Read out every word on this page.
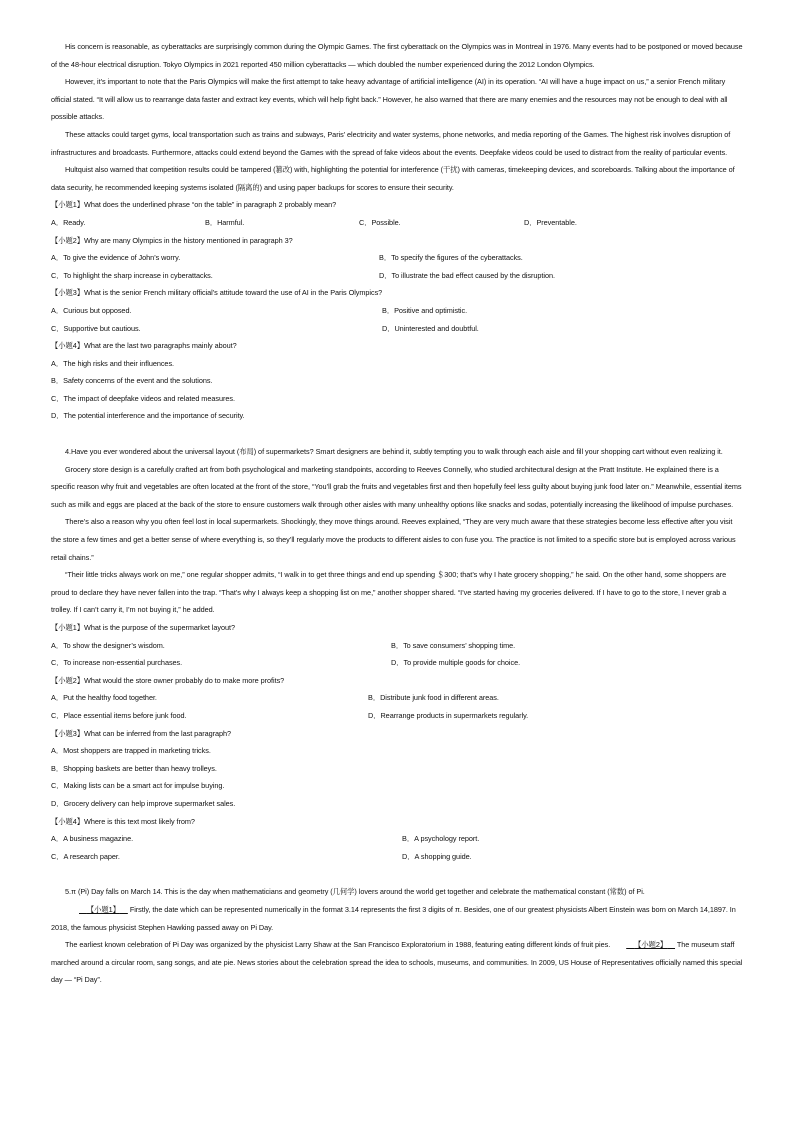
His concern is reasonable, as cyberattacks are surprisingly common during the Olympic Games. The first cyberattack on the Olympics was in Montreal in 1976. Many events had to be postponed or moved because of the 48-hour electrical disruption. Tokyo Olympics in 2021 reported 450 million cyberattacks — which doubled the number experienced during the 2012 London Olympics.

However, it’s important to note that the Paris Olympics will make the first attempt to take heavy advantage of artificial intelligence (AI) in its operation. “AI will have a huge impact on us,” a senior French military official stated. “It will allow us to rearrange data faster and extract key events, which will help fight back.” However, he also warned that there are many enemies and the resources may not be enough to deal with all possible attacks.

These attacks could target gyms, local transportation such as trains and subways, Paris’ electricity and water systems, phone networks, and media reporting of the Games. The highest risk involves disruption of infrastructures and broadcasts. Furthermore, attacks could extend beyond the Games with the spread of fake videos about the events. Deepfake videos could be used to distract from the reality of particular events.

Hultquist also warned that competition results could be tampered (篡改) with, highlighting the potential for interference (干扰) with cameras, timekeeping devices, and scoreboards. Talking about the importance of data security, he recommended keeping systems isolated (隔离的) and using paper backups for scores to ensure their security.

【小题1】What does the underlined phrase “on the table” in paragraph 2 probably mean?

A．Ready.	B．Harmful.	C．Possible.	D．Preventable.

【小题2】Why are many Olympics in the history mentioned in paragraph 3?

A．To give the evidence of John’s worry.	B．To specify the figures of the cyberattacks.
C．To highlight the sharp increase in cyberattacks.	D．To illustrate the bad effect caused by the disruption.

【小题3】What is the senior French military official’s attitude toward the use of AI in the Paris Olympics?

A．Curious but opposed.	B．Positive and optimistic.
C．Supportive but cautious.	D．Uninterested and doubtful.

【小题4】What are the last two paragraphs mainly about?

A．The high risks and their influences.

B．Safety concerns of the event and the solutions.

C．The impact of deepfake videos and related measures.

D．The potential interference and the importance of security.

4.Have you ever wondered about the universal layout (布局) of supermarkets? Smart designers are behind it, subtly tempting you to walk through each aisle and fill your shopping cart without even realizing it.

Grocery store design is a carefully crafted art from both psychological and marketing standpoints, according to Reeves Connelly, who studied architectural design at the Pratt Institute. He explained there is a specific reason why fruit and vegetables are often located at the front of the store, “You’ll grab the fruits and vegetables first and then hopefully feel less guilty about buying junk food later on.” Meanwhile, essential items such as milk and eggs are placed at the back of the store to ensure customers walk through other aisles with many unhealthy options like snacks and sodas, potentially increasing the likelihood of impulse purchases.

There’s also a reason why you often feel lost in local supermarkets. Shockingly, they move things around. Reeves explained, “They are very much aware that these strategies become less effective after you visit the store a few times and get a better sense of where everything is, so they’ll regularly move the products to different aisles to con fuse you. The practice is not limited to a specific store but is employed across various retail chains.”

“Their little tricks always work on me,” one regular shopper admits, “I walk in to get three things and end up spending ＄300; that’s why I hate grocery shopping,” he said. On the other hand, some shoppers are proud to declare they have never fallen into the trap. “That’s why I always keep a shopping list on me,” another shopper shared. “I’ve started having my groceries delivered. If I have to go to the store, I never grab a trolley. If I can’t carry it, I’m not buying it,” he added.

【小题1】What is the purpose of the supermarket layout?

A．To show the designer’s wisdom.	B．To save consumers’ shopping time.
C．To increase non-essential purchases.	D．To provide multiple goods for choice.

【小题2】What would the store owner probably do to make more profits?

A．Put the healthy food together.	B．Distribute junk food in different areas.
C．Place essential items before junk food.	D．Rearrange products in supermarkets regularly.

【小题3】What can be inferred from the last paragraph?

A．Most shoppers are trapped in marketing tricks.

B．Shopping baskets are better than heavy trolleys.

C．Making lists can be a smart act for impulse buying.

D．Grocery delivery can help improve supermarket sales.

【小题4】Where is this text most likely from?

A．A business magazine.	B．A psychology report.
C．A research paper.	D．A shopping guide.

5.π (Pi) Day falls on March 14. This is the day when mathematicians and geometry (几何学) lovers around the world get together and celebrate the mathematical constant (常数) of Pi.

【小题1】     Firstly, the date which can be represented numerically in the format 3.14 represents the first 3 digits of π. Besides, one of our greatest physicists Albert Einstein was born on March 14,1897. In 2018, the famous physicist Stephen Hawking passed away on Pi Day.

The earliest known celebration of Pi Day was organized by the physicist Larry Shaw at the San Francisco Exploratorium in 1988, featuring eating different kinds of fruit pies.	【小题2】     The museum staff marched around a circular room, sang songs, and ate pie. News stories about the celebration spread the idea to schools, museums, and communities. In 2009, US House of Representatives officially named this special day — “Pi Day”.
